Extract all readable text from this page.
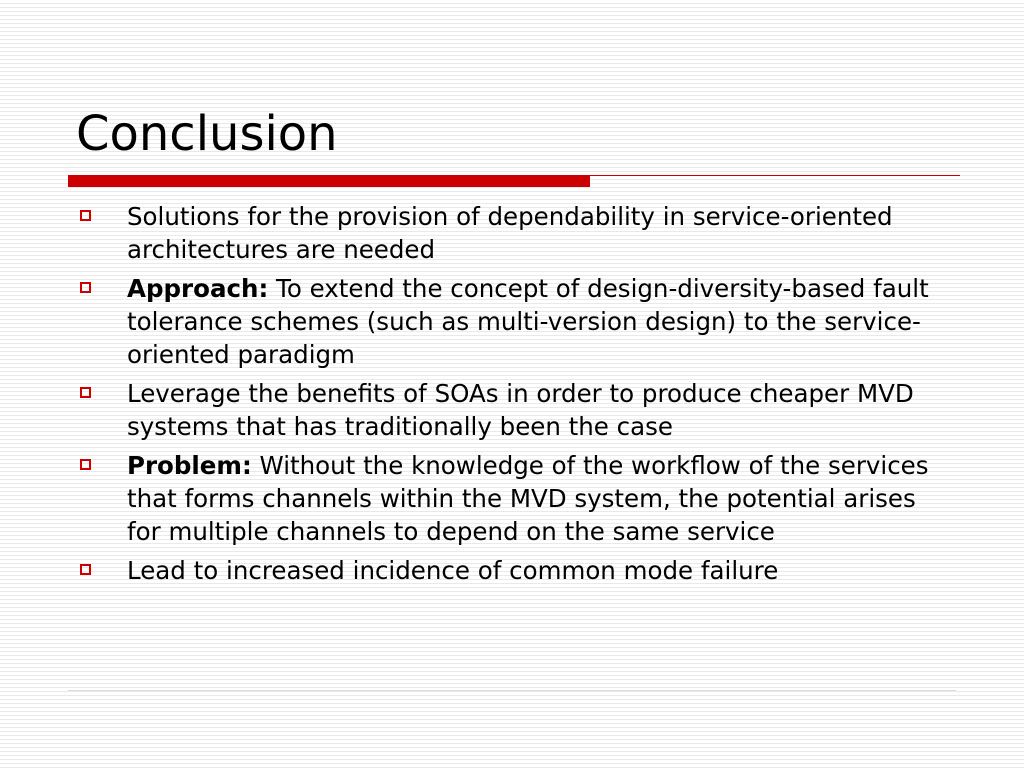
Conclusion
Solutions for the provision of dependability in service-oriented architectures are needed
Approach: To extend the concept of design-diversity-based fault tolerance schemes (such as multi-version design) to the service-oriented paradigm
Leverage the benefits of SOAs in order to produce cheaper MVD systems that has traditionally been the case
Problem: Without the knowledge of the workflow of the services that forms channels within the MVD system, the potential arises for multiple channels to depend on the same service
Lead to increased incidence of common mode failure
